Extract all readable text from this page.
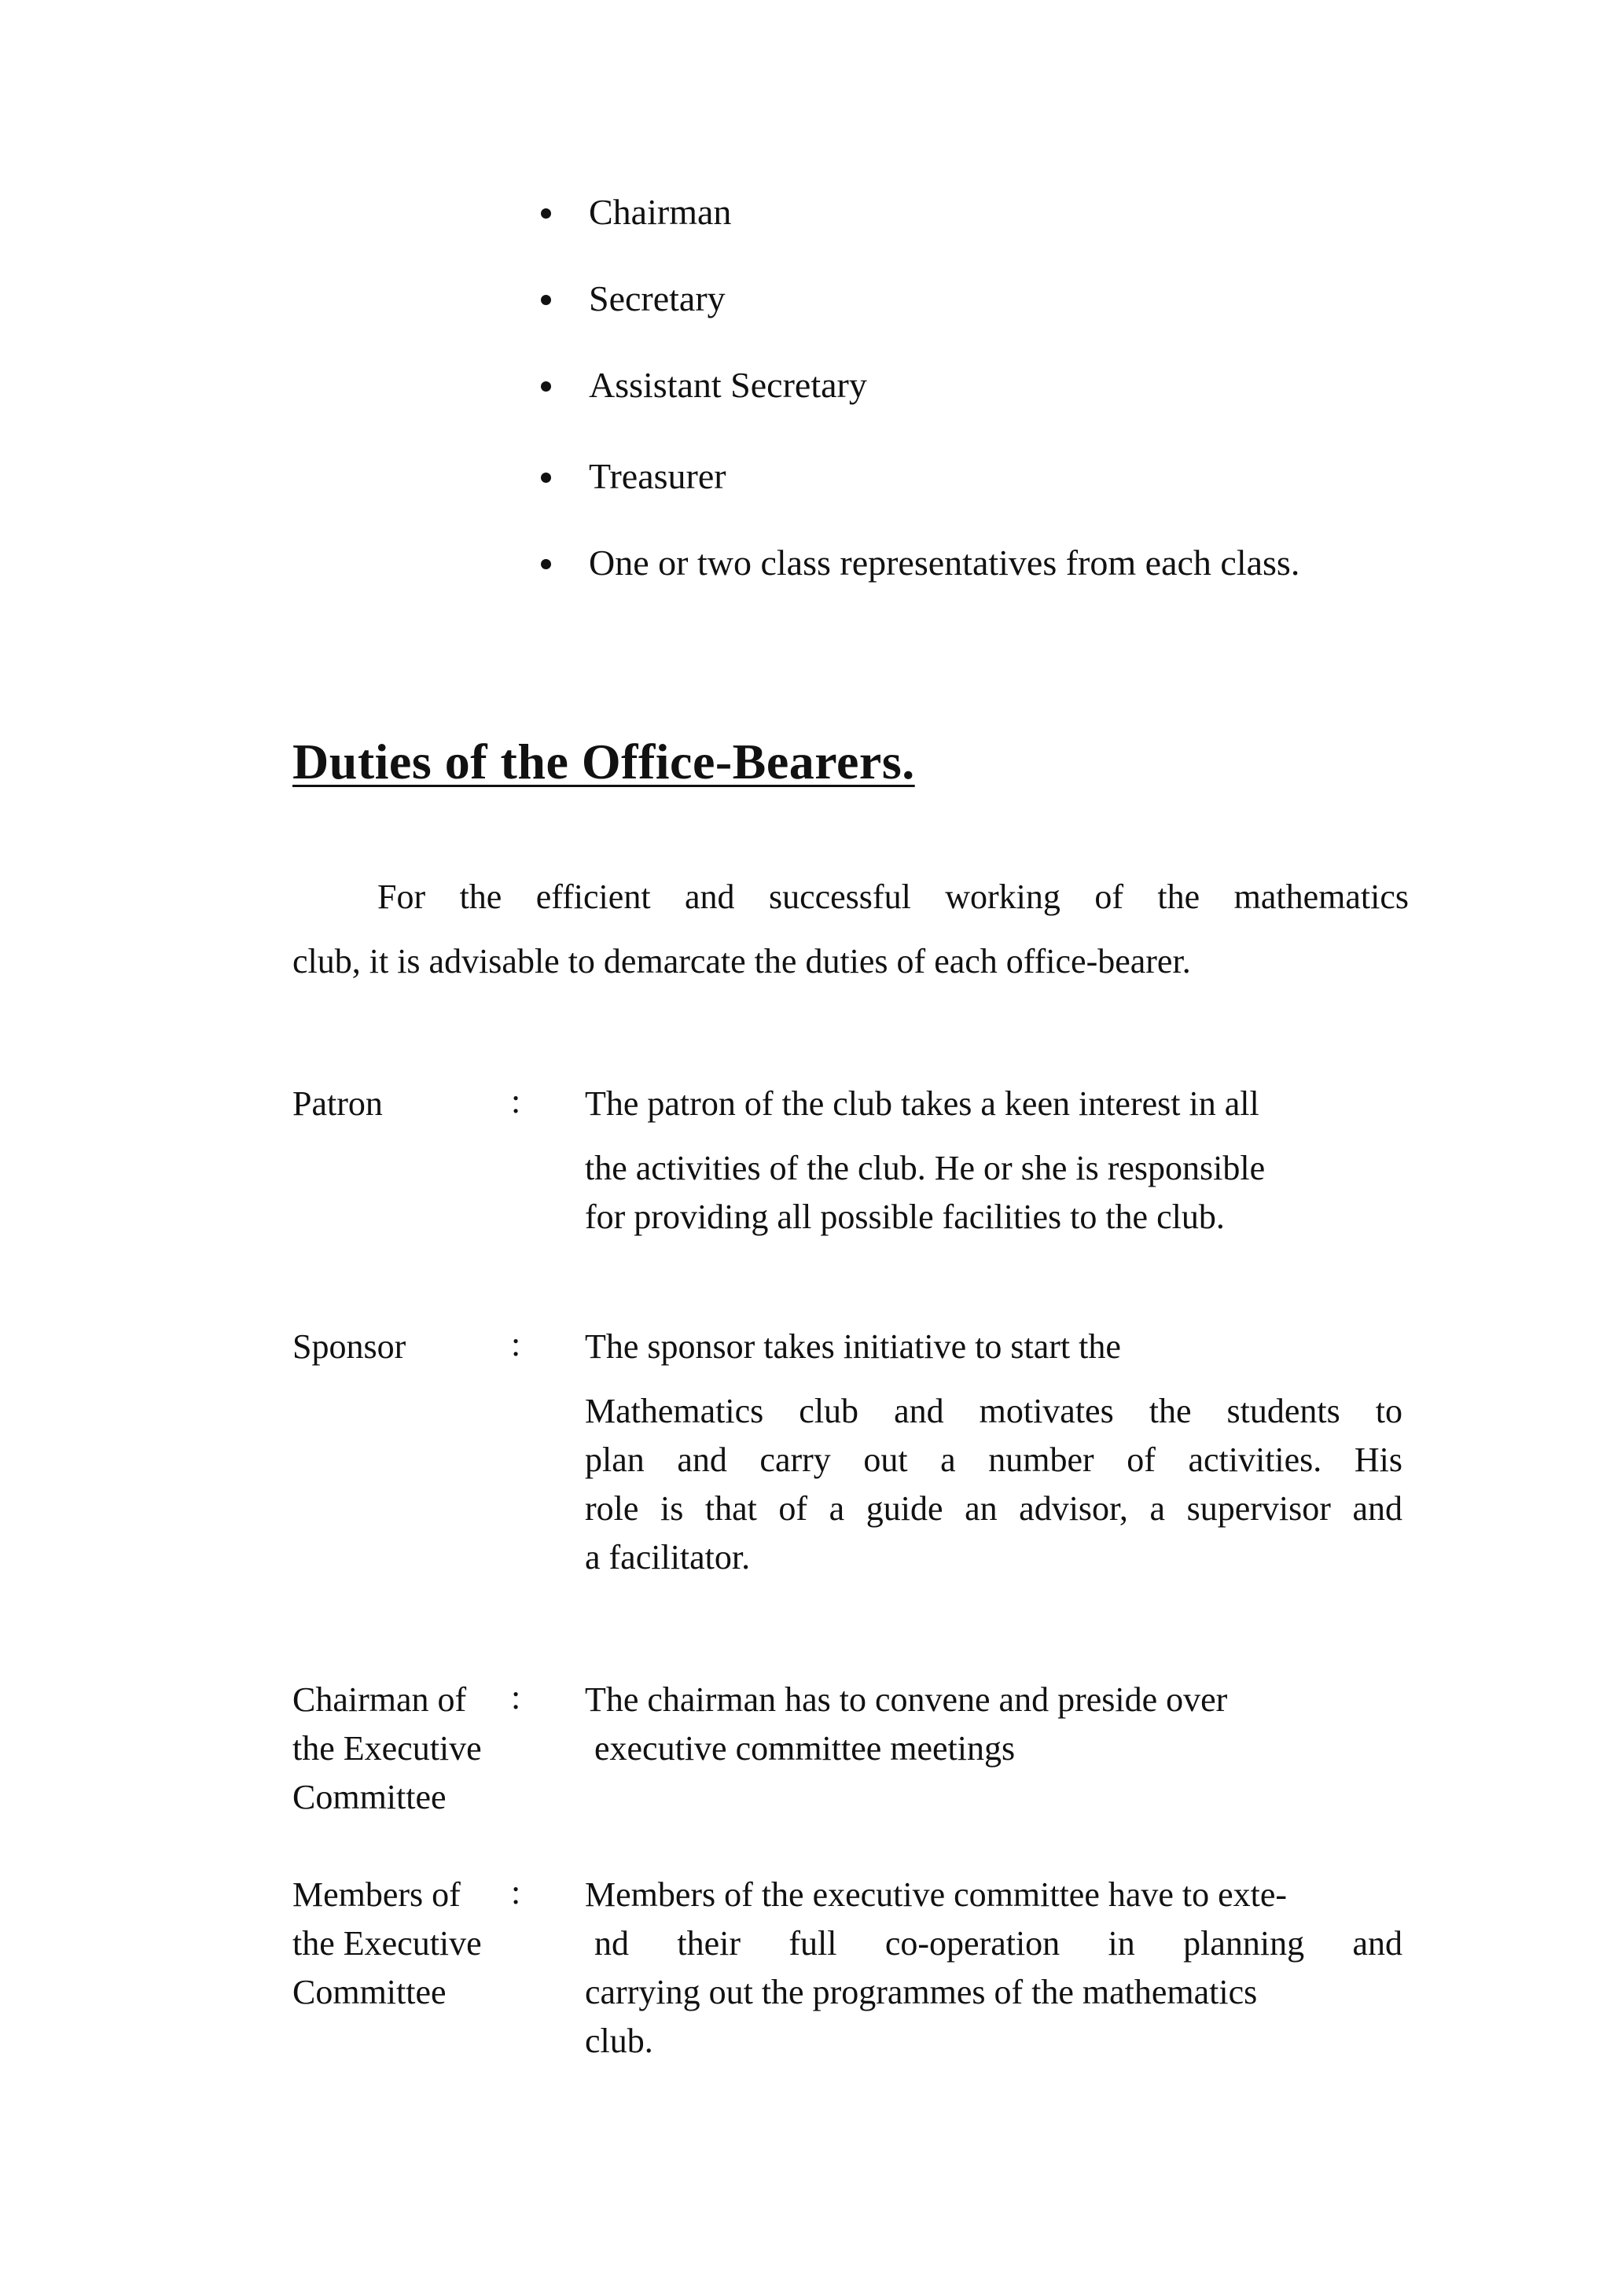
Chairman
Secretary
Assistant Secretary
Treasurer
One or two class representatives from each class.
Duties of the Office-Bearers.

For the efficient and successful working of the mathematics
club, it is advisable to demarcate the duties of each office-bearer.

Patron	: The patron of the club takes a keen interest in all
the activities of the club. He or she is responsible
for providing all possible facilities to the club.
Sponsor	: The sponsor takes initiative to start the
Mathematics club and motivates the students to
plan and carry out a number of activities. His
role is that of a guide an advisor, a supervisor and
a facilitator.
Chairman of
the Executive
Committee
: The chairman has to convene and preside over
executive committee meetings
Members of
the Executive
Committee
: Members of the executive committee have to exte-
nd their full co-operation in planning and
carrying out the programmes of the mathematics
club.
